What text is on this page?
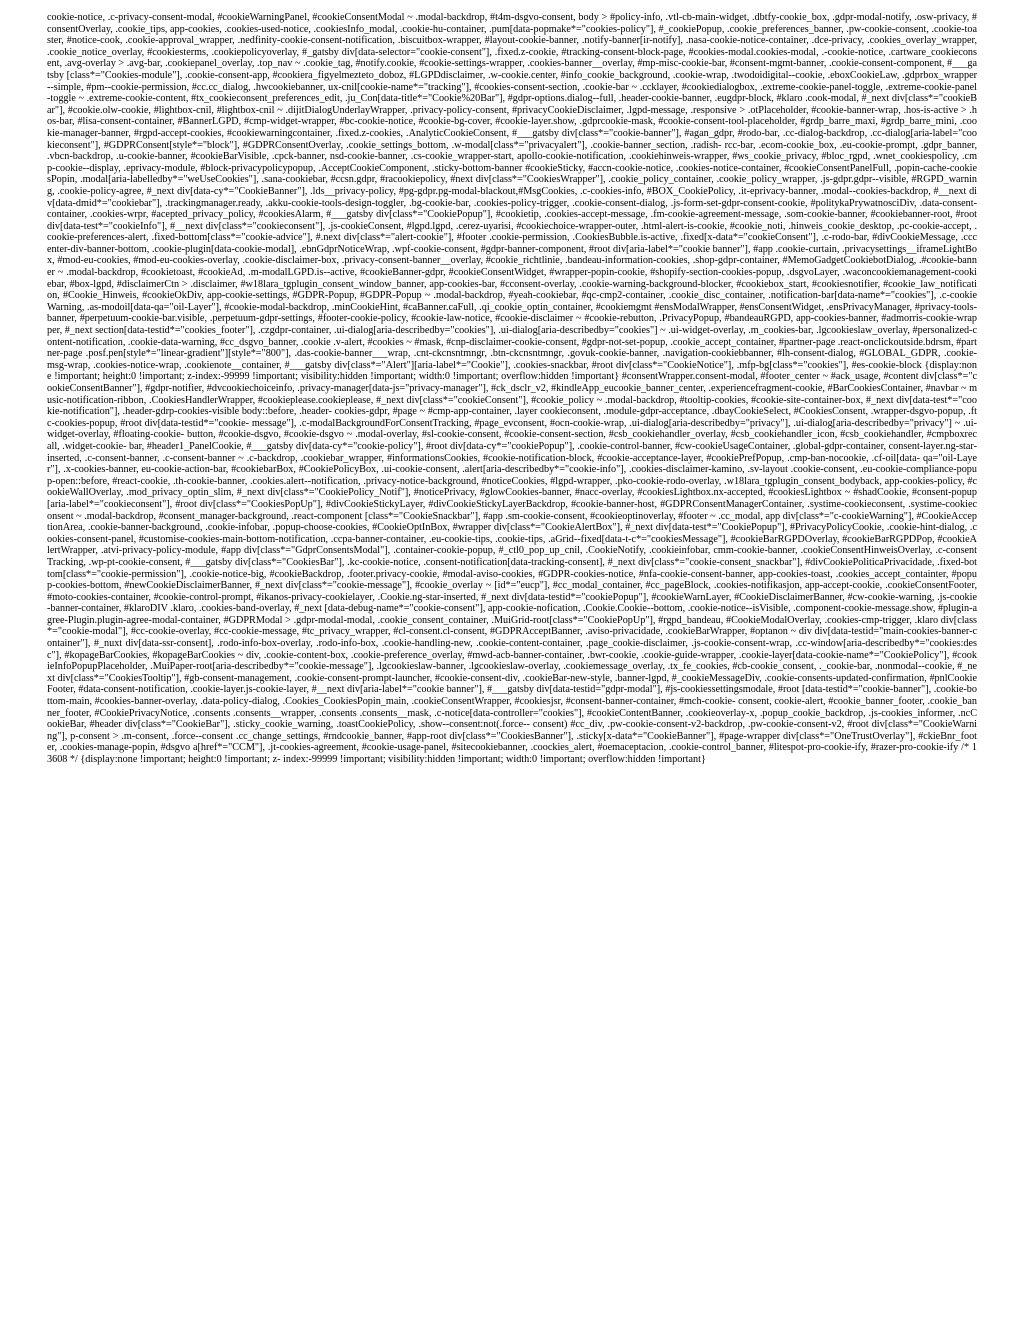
cookie-notice, .c-privacy-consent-modal, #cookieWarningPanel, #cookieConsentModal ~ .modal-backdrop, #t4m-dsgvo-consent, body > #policy-info, .vtl-cb-main-widget, .dbtfy-cookie_box, .gdpr-modal-notify, .osw-privacy, #consentOverlay, .cookie_tips, app-cookies, .cookies-used-notice, .cookiesInfo_modal, .cookie-hu-container, .pum[data-popmake*="cookies-policy"], #_cookiePopup, .cookie_preferences_banner, .pw-cookie-consent, .cookie-toaster, #notice-cook, .cookie-approval_wrapper, .nedfinity-cookie-consent-notification, .biscuitbox-wrapper, #layout-cookie-banner, .notify-banner[ir-notify], .nasa-cookie-notice-container, .dce-privacy, .cookies_overlay_wrapper, .cookie_notice_overlay, #cookiesterms, .cookiepolicyoverlay, #_gatsby div[data-selector="cookie-consent"], .fixed.z-cookie, #tracking-consent-block-page, #cookies-modal.cookies-modal, .-cookie-notice, .cartware_cookieconsent, .avg-overlay > .avg-bar, .cookiepanel_overlay, .top_nav ~ .cookie_tag, #notify.cookie, #cookie-settings-wrapper, .cookies-banner__overlay, #mp-misc-cookie-bar, #consent-mgmt-banner, .cookie-consent-component, #___gatsby [class*="Cookies-module"], .cookie-consent-app, #cookiera_figyelmezteto_doboz, #LGPDdisclaimer, .w-cookie.center, #info_cookie_background, .cookie-wrap, .twodoidigital--cookie, .eboxCookieLaw, .gdprbox_wrapper--simple, #pm--cookie-permission, #cc.cc_dialog, .hwcookiebanner, ux-cnil[cookie-name*="tracking"], #cookies-consent-section, .cookie-bar ~ .ccklayer, #cookiedialogbox, .extreme-cookie-panel-toggle, .extreme-cookie-panel-toggle ~ .extreme-cookie-content, #tx_cookieconsent_preferences_edit, .ju_Con[data-title*="Cookie%20Bar"], #gdpr-options.dialog--full, .header-cookie-banner, .eugdpr-block, #klaro .cook-modal, #_next div[class*="cookieBar"], #cookie.olw-cookie, #lightbox-cnil, #lightbox-cnil ~ .dijitDialogUnderlayWrapper, .privacy-policy-consent, #privacyCookieDisclaimer, .lgpd-message, .responsive > .otPlaceholder, #cookie-banner-wrap, .hos-is-active > .hos-bar, #lisa-consent-container, #BannerLGPD, #cmp-widget-wrapper, #bc-cookie-notice, #cookie-bg-cover, #cookie-layer.show, .gdprcookie-mask, #cookie-consent-tool-placeholder, #grdp_barre_maxi, #grdp_barre_mini, .cookie-manager-banner, #rgpd-accept-cookies, #cookiewarningcontainer, .fixed.z-cookies, .AnalyticCookieConsent, #___gatsby div[class*="cookie-banner"], #agan_gdpr, #rodo-bar, .cc-dialog-backdrop, .cc-dialog[aria-label="cookieconsent"], #GDPRConsent[style*="block"], #GDPRConsentOverlay, .cookie_settings_bottom, .w-modal[class*="privacyalert"], .cookie-banner_section, .radish- rcc-bar, .ecom-cookie_box, .eu-cookie-prompt, .gdpr_banner, .vbcn-backdrop, .u-cookie-banner, #cookieBarVisible, .cpck-banner, nsd-cookie-banner, .cs-cookie_wrapper-start, apollo-cookie-notification, .cookiehinweis-wrapper, #ws_cookie_privacy, #bloc_rgpd, .wnet_cookiespolicy, .cmp-cookie--display, .eprivacy-module, #block-privacypolicypopup, .AcceptCookieComponent, .sticky-bottom-banner #cookieSticky, #accn-cookie-notice, .cookies-notice-container, #cookieConsentPanelFull, .popin-cache-cookiesPopin, .modal[aria-labelledby*="weUseCookies"], .sana-cookiebar, #ccsn.gdpr, #racookiepolicy, #next div[class*="CookiesWrapper"], .cookie_policy_container, .cookie_policy_wrapper, .js-gdpr.gdpr--visible, #RGPD_warning, .cookie-policy-agree, #_next div[data-cy*="CookieBanner"], .lds__privacy-policy, #pg-gdpr.pg-modal-blackout,#MsgCookies, .c-cookies-info, #BOX_CookiePolicy, .it-eprivacy-banner, .modal--cookies-backdrop, #__next div[data-dmid*="cookiebar"], .trackingmanager.ready, .akku-cookie-tools-design-toggler, .bg-cookie-bar, .cookies-policy-trigger, .cookie-consent-dialog, .js-form-set-gdpr-consent-cookie, #politykaPrywatnosciDiv, .data-consent-container, .cookies-wrpr, #acepted_privacy_policy, #cookiesAlarm, #___gatsby div[class*="CookiePopup"], #cookietip, .cookies-accept-message, .fm-cookie-agreement-message, .som-cookie-banner, #cookiebanner-root, #root div[data-test*="cookieInfo"], #__next div[class*="cookieconsent"], .js-cookieConsent, #lgpd.lgpd, .cerez-uyarisi, #cookiechoice-wrapper-outer, .html-alert-is-cookie, #cookie_noti, .hinweis_cookie_desktop, .pc-cookie-accept, .cookie-preferences-alert, .fixed-bottom[class*="cookie-advice"], #.next div[class*="alert-cookie"], #footer .cookie-permission, .CookiesBubble.is-active, .fixed[x-data*="cookieConsent"], .c-rodo-bar, #divCookieMessage, .cccenter-div-banner-bottom, .cookie-plugin[data-cookie-modal], .ebnGdprNoticeWrap, .wpf-cookie-consent, #gdpr-banner-component, #root div[aria-label*="cookie banner"], #app .cookie-curtain, .privacysettings__iframeLightBox, #mod-eu-cookies, #mod-eu-cookies-overlay, .cookie-disclaimer-box, .privacy-consent-banner__overlay, #cookie_richtlinie, .bandeau-information-cookies, .shop-gdpr-container, #MemoGadgetCookiebotDialog, .#cookie-banner ~ .modal-backdrop, #cookietoast, #cookieAd, .m-modalLGPD.is--active, #cookieBanner-gdpr, #cookieConsentWidget, #wrapper-popin-cookie, #shopify-section-cookies-popup, .dsgvoLayer, .waconcookiemanagement-cookiebar, #box-lgpd, #disclaimerCtn > .disclaimer, #w18lara_tgplugin_consent_window_banner, app-cookies-bar, #cconsent-overlay, .cookie-warning-background-blocker, #cookiebox_start, #cookiesnotifier, #cookie_law_notification, #Cookie_Hinweis, #cookieOkDiv, app-cookie-settings, #GDPR-Popup, #GDPR-Popup ~ .modal-backdrop, #yeah-cookiebar, #qc-cmp2-container, .cookie_disc_container, .notification-bar[data-name*="cookies"], .c-cookieWarning, .as-modoil[data-qa="oil-Layer"], #cookie-modal-backdrop, .minCookieHint, #caBanner.caFull, .qi_cookie_optin_container, #cookiemgmt #ensModalWrapper, #ensConsentWidget, .ensPrivacyManager, #privacy-tools-banner, #perpetuum-cookie-bar.visible, .perpetuum-gdpr-settings, #footer-cookie-policy, #cookie-law-notice, #cookie-disclaimer ~ #cookie-rebutton, .PrivacyPopup, #bandeauRGPD, app-cookies-banner, #admorris-cookie-wrapper, #_next section[data-testid*="cookies_footer"], .czgdpr-container, .ui-dialog[aria-describedby="cookies"], .ui-dialog[aria-describedby="cookies"] ~ .ui-widget-overlay, .m_cookies-bar, .lgcookieslaw_overlay, #personalized-content-notification, .cookie-data-warning, #cc_dsgvo_banner, .cookie .v-alert, #cookies ~ #mask, #cnp-disclaimer-cookie-consent, #gdpr-not-set-popup, .cookie_accept_container, #partner-page .react-onclickoutside.bdrsm, #partner-page .posf.pen[style*="linear-gradient"][style*="800"], .das-cookie-banner___wrap, .cnt-ckcnsntmngr, .btn-ckcnsntmngr, .govuk-cookie-banner, .navigation-cookiebbanner, #lh-consent-dialog, #GLOBAL_GDPR, .cookie-msg-wrap, .cookies-notice-wrap, .cookienote__container, #___gatsby div[class*="Alert"][aria-label*="Cookie"], .cookies-snackbar, #root div[class*="CookieNotice"], .mfp-bg[class*="cookies"], #es-cookie-block {display:none !important; height:0 !important; z-index:-99999 !important; visibility:hidden !important; width:0 !important; overflow:hidden !important} #consentWrapper.consent-modal, #footer_center ~ #ack_usage, #content div[class*="cookieConsentBanner"], #gdpr-notifier, #dvcookiechoiceinfo, .privacy-manager[data-js="privacy-manager"], #ck_dsclr_v2, #kindleApp_eucookie_banner_center, .experiencefragment-cookie, #BarCookiesContainer, #navbar ~ music-notification-ribbon, .CookiesHandlerWrapper, #cookieplease.cookieplease, #_next div[class*="cookieConsent"], #cookie_policy ~ .modal-backdrop, #tooltip-cookies, #cookie-site-container-box, #_next div[data-test*="cookie-notification"], .header-gdrp-cookies-visible body::before, .header- cookies-gdpr, #page ~ #cmp-app-container, .layer cookieconsent, .module-gdpr-acceptance, .dbayCookieSelect, #CookiesConsent, .wrapper-dsgvo-popup, .ftc-cookies-popup, #root div[data-testid*="cookie- message"], .c-modalBackgroundForConsentTracking, #page_evconsent, #ocn-cookie-wrap, .ui-dialog[aria-describedby="privacy"], .ui-dialog[aria-describedby="privacy"] ~ .ui-widget-overlay, #floating-cookie- button, #cookie-dsgvo, #cookie-dsgvo ~ .modal-overlay, #sl-cookie-consent, #cookie-consent-section, #csb_cookiehandler_overlay, #csb_cookiehandler_icon, #csb_cookiehandler, #cmpboxrecall, .widget-cookie- bar, #header1_PanelCookie, #___gatsby div[data-cy*="cookie-policy"], #root div[data-cy*="cookiePopup"], .cookie-control-banner, #cw-cookieUsageContainer, .global-gdpr-container, consent-layer.ng-star- inserted, .c-consent-banner, .c-consent-banner ~ .c-backdrop, .cookiebar_wrapper, #informationsCookies, #cookie-notification-block, #cookie-acceptance-layer, #cookiePrefPopup, .cmp-ban-nocookie, .cf-oil[data- qa="oil-Layer"], .x-cookies-banner, eu-cookie-action-bar, #cookiebarBox, #CookiePolicyBox, .ui-cookie-consent, .alert[aria-describedby*="cookie-info"], .cookies-disclaimer-kamino, .sv-layout .cookie-consent, .eu-cookie-compliance-popup-open::before, #react-cookie, .th-cookie-banner, .cookies.alert--notification, .privacy-notice-background, #noticeCookies, #lgpd-wrapper, .pko-cookie-rodo-overlay, .w18lara_tgplugin_consent_bodyback, app-cookies-policy, #cookieWallOverlay, .mod_privacy_optin_slim, #_next div[class*="CookiePolicy_Notif"], #noticePrivacy, #glowCookies-banner, #nacc-overlay, #cookiesLightbox.nx-accepted, #cookiesLightbox ~ #shadCookie, #consent-popup[aria-label*="cookieconsent"], #root div[class*="CookiesPopUp"], #divCookieStickyLayer, #divCookieStickyLayerBackdrop, #cookie-banner-host, #GDPRConsentManagerContainer, .systime-cookieconsent, .systime-cookieconsent ~ .modal-backdrop, #consent_manager-background, .react-component [class*="CookieSnackbar"], #app .sm-cookie-consent, #cookieoptinoverlay, #footer ~ .cc_modal, app div[class*="c-cookieWarning"], #CookieAcceptionArea, .cookie-banner-background, .cookie-infobar, .popup-choose-cookies, #CookieOptInBox, #wrapper div[class*="CookieAlertBox"], #_next div[data-test*="CookiePopup"], #PrivacyPolicyCookie, .cookie-hint-dialog, .cookies-consent-panel, #customise-cookies-main-bottom-notification, .ccpa-banner-container, .eu-cookie-tips, .cookie-tips, .aGrid--fixed[data-t-c*="cookiesMessage"], #cookieBarRGPDOverlay, #cookieBarRGPDPop, #cookieAlertWrapper, .atvi-privacy-policy-module, #app div[class*="GdprConsentsModal"], .container-cookie-popup, #_ctl0_pop_up_cnil, .CookieNotify, .cookieinfobar, cmm-cookie-banner, .cookieConsentHinweisOverlay, .c-consentTracking, .wp-pt-cookie-consent, #___gatsby div[class*="CookiesBar"], .kc-cookie-notice, .consent-notification[data-tracking-consent], #_next div[class*="cookie-consent_snackbar"], #divCookiePoliticaPrivacidade, .fixed-bottom[class*="cookie-permission"], .cookie-notice-big, #cookieBackdrop, .footer.privacy-cookie, #modal-aviso-cookies, #GDPR-cookies-notice, #nfa-cookie-consent-banner, app-cookies-toast, .cookies_accept_containter, #popup-cookies-bottom, #newCookieDisclaimerBanner, #_next div[class*="cookie-message"], #cookie_overlay ~ [id*="eucp"], #cc_modal_container, #cc_pageBlock, .cookies-notifikasjon, app-accept-cookie, .cookieConsentFooter, #moto-cookies-container, #cookie-control-prompt, #ikanos-privacy-cookielayer, .Cookie.ng-star-inserted, #_next div[data-testid*="cookiePopup"], #cookieWarnLayer, #CookieDisclaimerBanner, #cw-cookie-warning, .js-cookie-banner-container, #klaroDIV .klaro, .cookies-band-overlay, #_next [data-debug-name*="cookie-consent"], app-cookie-nofication, .Cookie.Cookie--bottom, .cookie-notice--isVisible, .component-cookie-message.show, #plugin-agree-Plugin.plugin-agree-modal-container, #GDPRModal > .gdpr-modal-modal, .cookie_consent_container, .MuiGrid-root[class*="CookiePopUp"], #rgpd_bandeau, #CookieModalOverlay, .cookies-cmp-trigger, .klaro div[class*="cookie-modal"], #cc-cookie-overlay, #cc-cookie-message, #tc_privacy_wrapper, #cl-consent.cl-consent, #GDPRAcceptBanner, .aviso-privacidade, .cookieBarWrapper, #optanon ~ div div[data-testid="main-cookies-banner-container"], #_nuxt div[data-ssr-consent], .rodo-info-box-overlay, .rodo-info-box, .cookie-handling-new, .cookie-content-container, .page_cookie-disclaimer, .js-cookie-consent-wrap, .cc-window[aria-describedby*="cookies:desc"], #kopageBarCookies, #kopageBarCookies ~ div, .cookie-content-box, .cookie-preference_overlay, #mwd-acb-banner-container, .bwr-cookie, .cookie-guide-wrapper, .cookie-layer[data-cookie-name*="CookiePolicy"], #cookieInfoPopupPlaceholder, .MuiPaper-root[aria-describedby*="cookie-message"], .lgcookieslaw-banner, .lgcookieslaw-overlay, .cookiemessage_overlay, .tx_fe_cookies, #cb-cookie_consent, ._cookie-bar, .nonmodal--cookie, #_next div[class*="CookiesTooltip"], #gb-consent-management, .cookie-consent-prompt-launcher, #cookie-consent-div, .cookieBar-new-style, .banner-lgpd, #_cookieMessageDiv, .cookie-consents-updated-confirmation, #pnlCookieFooter, #data-consent-notification, .cookie-layer.js-cookie-layer, #__next div[aria-label*="cookie banner"], #___gatsby div[data-testid="gdpr-modal"], #js-cookiessettingsmodale, #root [data-testid*="cookie-banner"], .cookie-bottom-main, #cookies-banner-overlay, .data-policy-dialog, .Cookies_CookiesPopin_main, .cookieConsentWrapper, #cookiesjsr, #consent-banner-container, #mch-cookie- consent, cookie-alert, #cookie_banner_footer, .cookie_banner_footer, #CookiePrivacyNotice, .consents .consents__wrapper, .consents .consents__mask, .c-notice[data-controller="cookies"], #cookieContentBanner, .cookieoverlay-x, .popup_cookie_backdrop, .js-cookies_informer, .ncCookieBar, #header div[class*="CookieBar"], .sticky_cookie_warning, .toastCookiePolicy, .show--consent:not(.force-- consent) #cc_div, .pw-cookie-consent-v2-backdrop, .pw-cookie-consent-v2, #root div[class*="CookieWarning"], p-consent > .m-consent, .force--consent .cc_change_settings, #rndcookie_banner, #app-root div[class*="CookiesBanner"], .sticky[x-data*="CookieBanner"], #page-wrapper div[class*="OneTrustOverlay"], #ckieBnr_footer, .cookies-manage-popin, #dsgvo a[href*="CCM"], .jt-cookies-agreement, #cookie-usage-panel, #sitecookiebanner, .coockies_alert, #oemaceptacion, .cookie-control_banner, #litespot-pro-cookie-ify, #razer-pro-cookie-ify /* 13608 */ {display:none !important; height:0 !important; z- index:-99999 !important; visibility:hidden !important; width:0 !important; overflow:hidden !important}
